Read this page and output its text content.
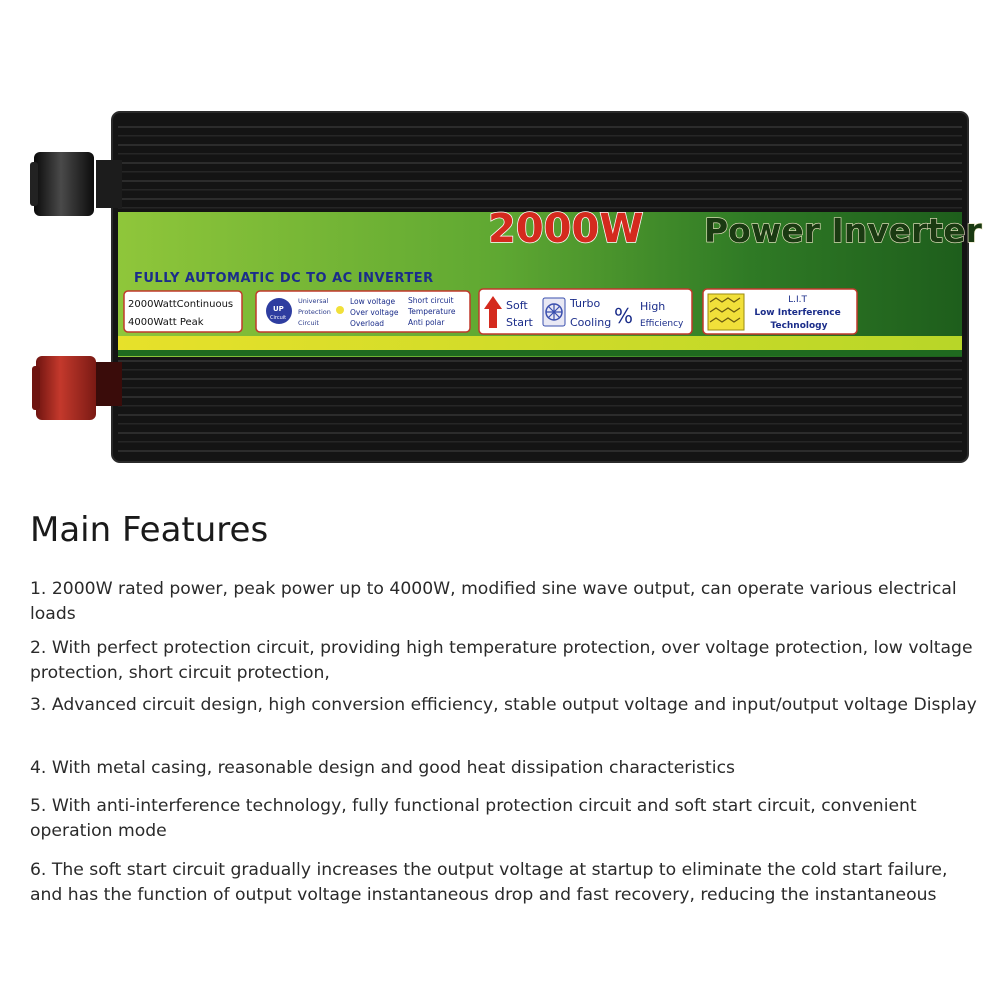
FULLY AUTOMATIC DC TO AC INVERTER
2000W Power Inverter
2000WattContinuous
4000Watt Peak
UP
Circuit
Universal Protection Circuit
Low voltage Over voltage Overload
Short circuit Temperature Anti polar
Soft Start
Turbo Cooling % High Efficiency
L.I.T Low Interference Technology
Main Features

1. 2000W rated power, peak power up to 4000W, modified sine wave output, can operate various electrical loads

2. With perfect protection circuit, providing high temperature protection, over voltage protection, low voltage protection, short circuit protection,

3. Advanced circuit design, high conversion efficiency, stable output voltage and input/output voltage Display

4. With metal casing, reasonable design and good heat dissipation characteristics

5. With anti-interference technology, fully functional protection circuit and soft start circuit, convenient operation mode

6. The soft start circuit gradually increases the output voltage at startup to eliminate the cold start failure, and has the function of output voltage instantaneous drop and fast recovery, reducing the instantaneous
